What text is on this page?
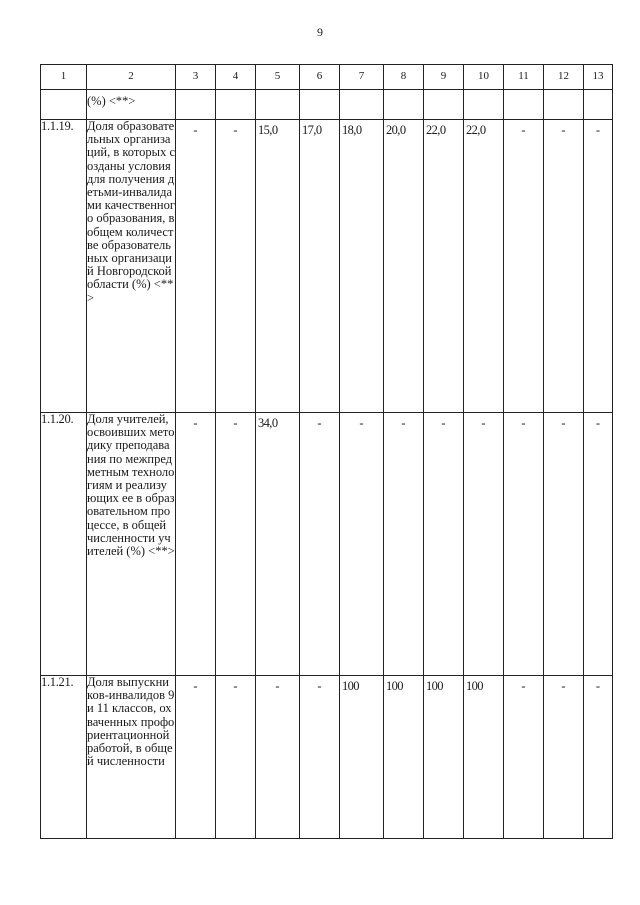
9
1	2	3	4	5	6	7	8	9	10	11	12	13
	(%) <**>											
1.1.19.	Доля образовательных организаций, в которых созданы условия для получения детьми-инвалидами качественного образования, в общем количестве образовательных организаций Новгородской области (%) <**>	-	-	15,0	17,0	18,0	20,0	22,0	22,0	-	-	-
1.1.20.	Доля учителей, освоивших методику преподавания по межпредметным технологиям и реализующих ее в образовательном процессе, в общей численности учителей (%) <**>	-	-	34,0	-	-	-	-	-	-	-	-
1.1.21.	Доля выпускников-инвалидов 9 и 11 классов, охваченных профориентационной работой, в общей численности	-	-	-	-	100	100	100	100	-	-	-
